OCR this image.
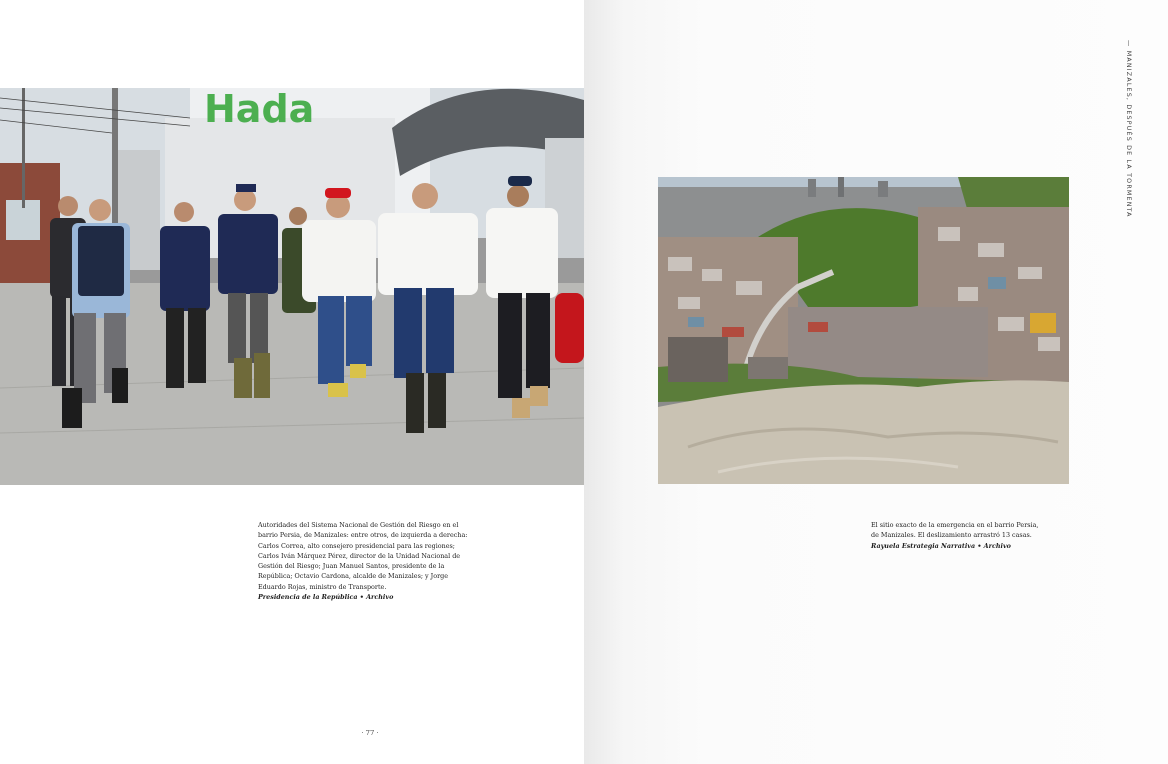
Hada
Autoridades del Sistema Nacional de Gestión del Riesgo en el barrio Persia, de Manizales: entre otros, de izquierda a derecha: Carlos Correa, alto consejero presidencial para las regiones; Carlos Iván Márquez Pérez, director de la Unidad Nacional de Gestión del Riesgo; Juan Manuel Santos, presidente de la República; Octavio Cardona, alcalde de Manizales; y Jorge Eduardo Rojas, ministro de Transporte.
Presidencia de la República • Archivo
El sitio exacto de la emergencia en el barrio Persia, de Manizales. El deslizamiento arrastró 13 casas.
Rayuela Estrategia Narrativa • Archivo
— MANIZALES, DESPUÉS DE LA TORMENTA
· 77 ·
